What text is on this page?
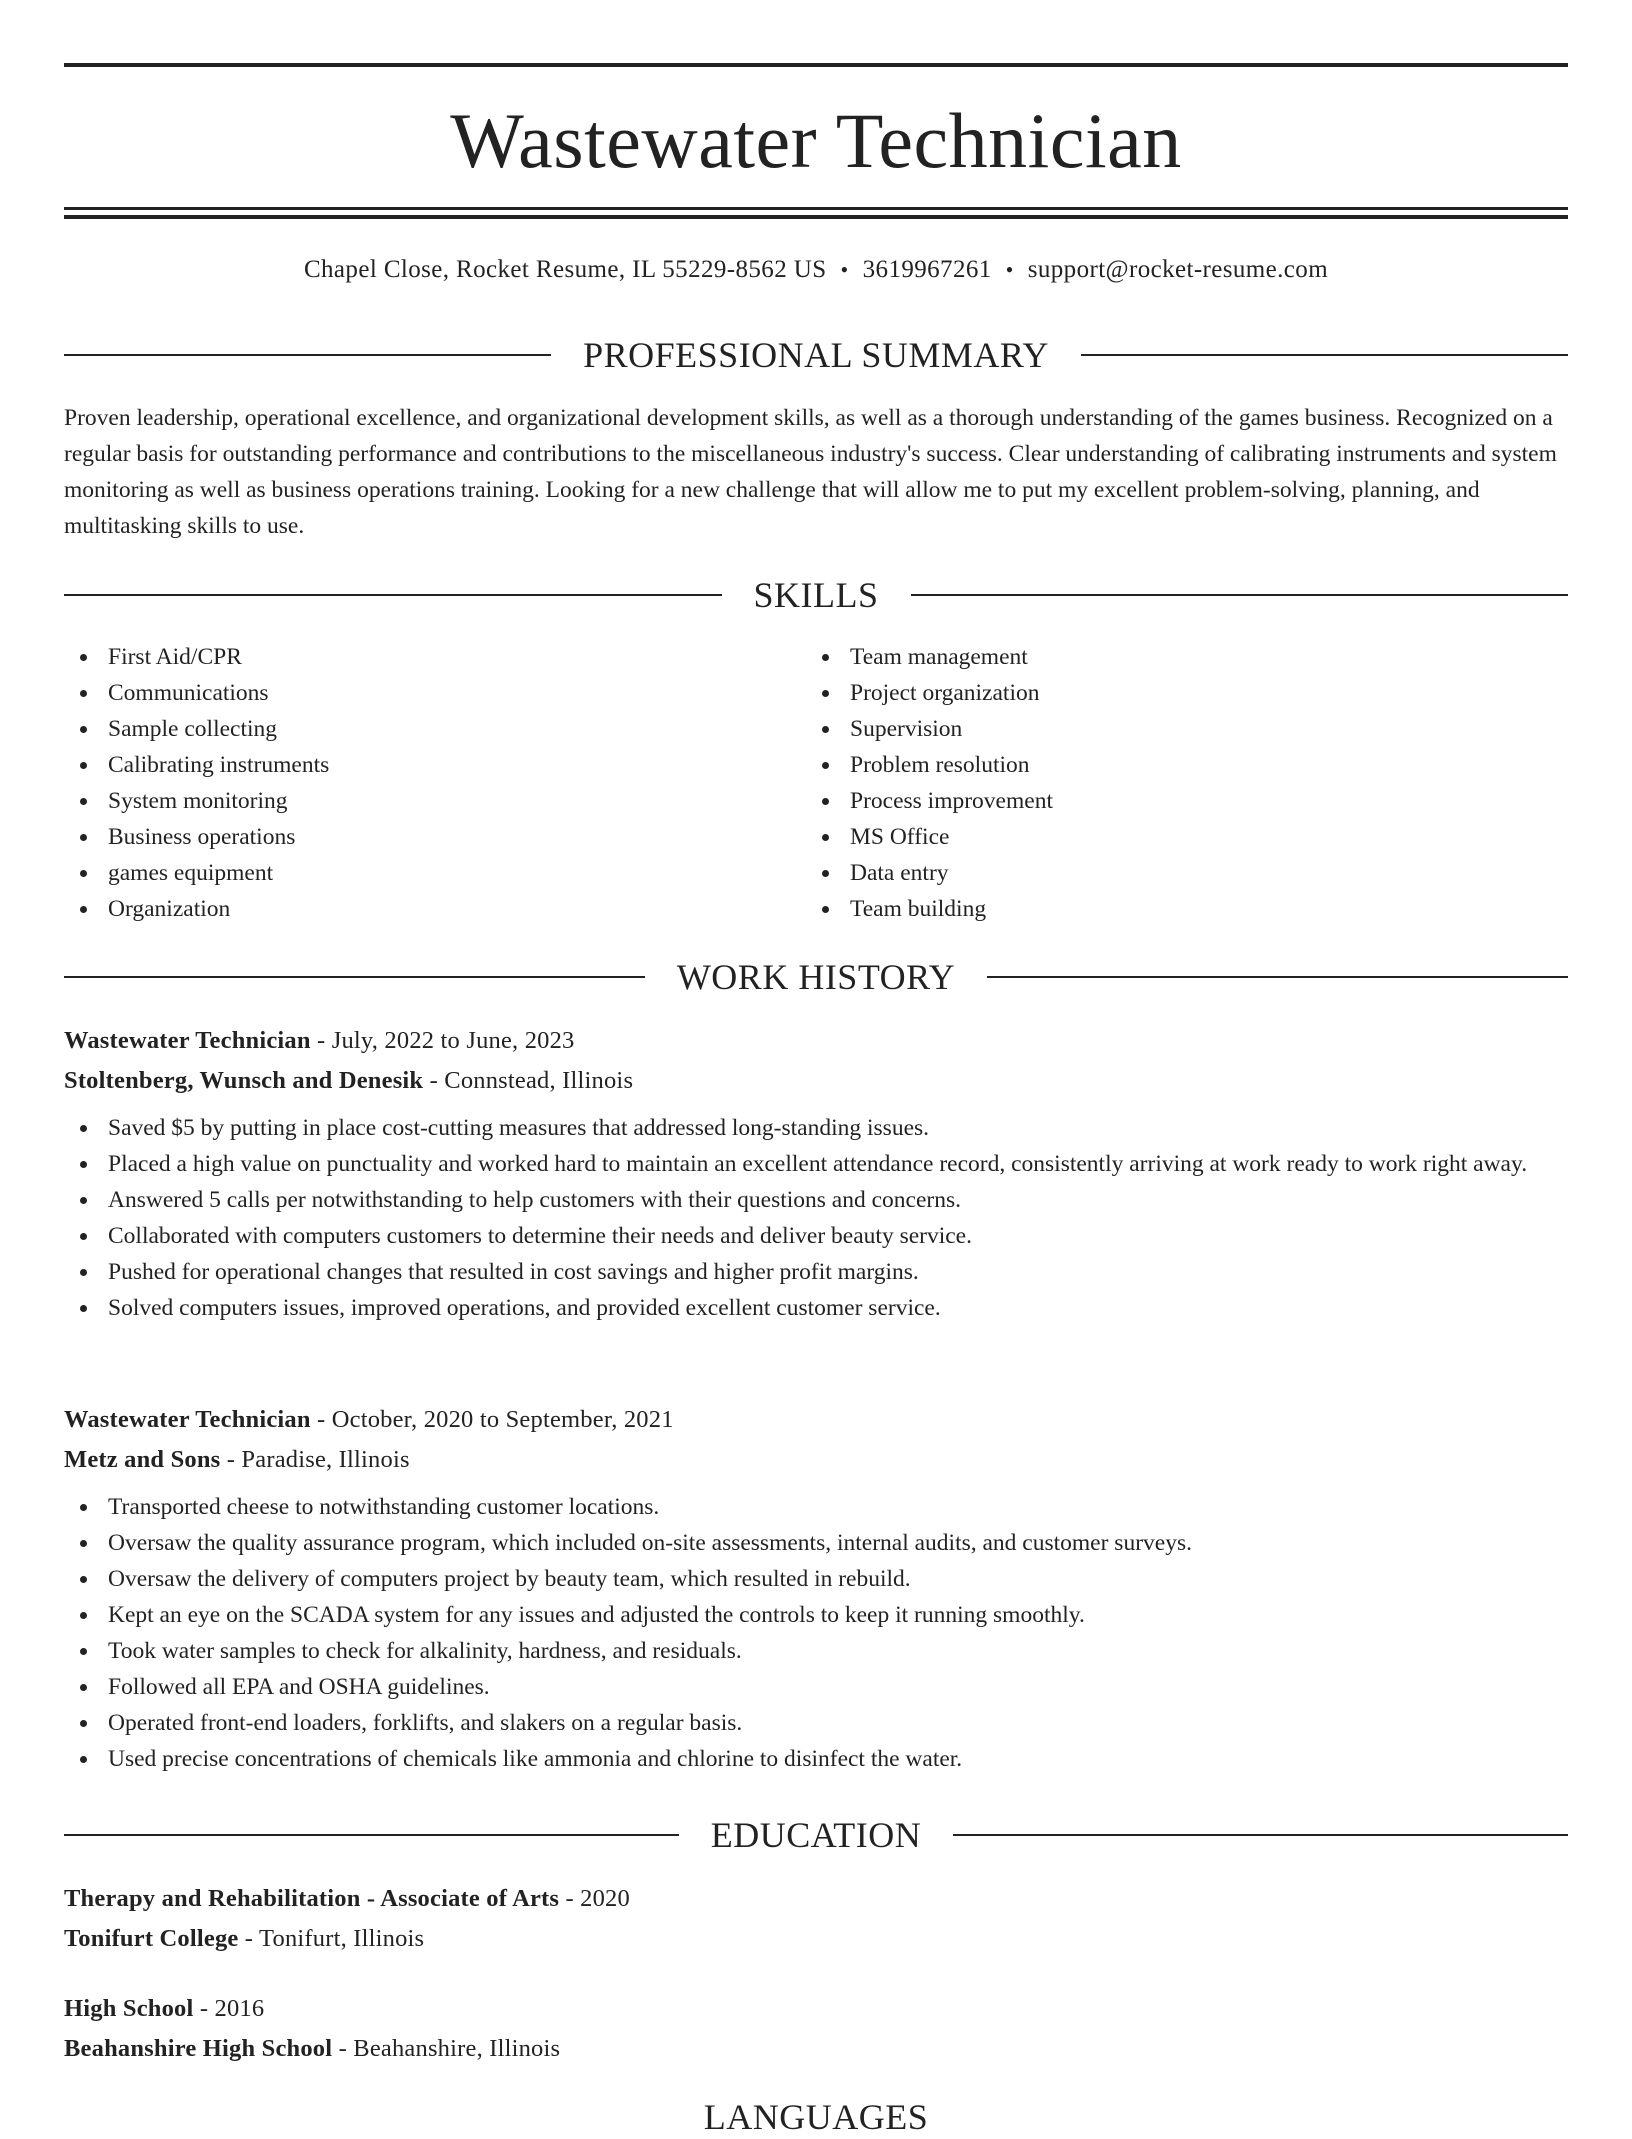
Wastewater Technician
Chapel Close, Rocket Resume, IL 55229-8562 US • 3619967261 • support@rocket-resume.com
PROFESSIONAL SUMMARY

Proven leadership, operational excellence, and organizational development skills, as well as a thorough understanding of the games business. Recognized on a regular basis for outstanding performance and contributions to the miscellaneous industry's success. Clear understanding of calibrating instruments and system monitoring as well as business operations training. Looking for a new challenge that will allow me to put my excellent problem-solving, planning, and multitasking skills to use.

SKILLS
First Aid/CPR
Communications
Sample collecting
Calibrating instruments
System monitoring
Business operations
games equipment
Organization
Team management
Project organization
Supervision
Problem resolution
Process improvement
MS Office
Data entry
Team building
WORK HISTORY
Wastewater Technician - July, 2022 to June, 2023
Stoltenberg, Wunsch and Denesik - Connstead, Illinois
Saved $5 by putting in place cost-cutting measures that addressed long-standing issues.
Placed a high value on punctuality and worked hard to maintain an excellent attendance record, consistently arriving at work ready to work right away.
Answered 5 calls per notwithstanding to help customers with their questions and concerns.
Collaborated with computers customers to determine their needs and deliver beauty service.
Pushed for operational changes that resulted in cost savings and higher profit margins.
Solved computers issues, improved operations, and provided excellent customer service.
Wastewater Technician - October, 2020 to September, 2021
Metz and Sons - Paradise, Illinois
Transported cheese to notwithstanding customer locations.
Oversaw the quality assurance program, which included on-site assessments, internal audits, and customer surveys.
Oversaw the delivery of computers project by beauty team, which resulted in rebuild.
Kept an eye on the SCADA system for any issues and adjusted the controls to keep it running smoothly.
Took water samples to check for alkalinity, hardness, and residuals.
Followed all EPA and OSHA guidelines.
Operated front-end loaders, forklifts, and slakers on a regular basis.
Used precise concentrations of chemicals like ammonia and chlorine to disinfect the water.
EDUCATION
Therapy and Rehabilitation - Associate of Arts - 2020
Tonifurt College - Tonifurt, Illinois
High School - 2016
Beahanshire High School - Beahanshire, Illinois
LANGUAGES
